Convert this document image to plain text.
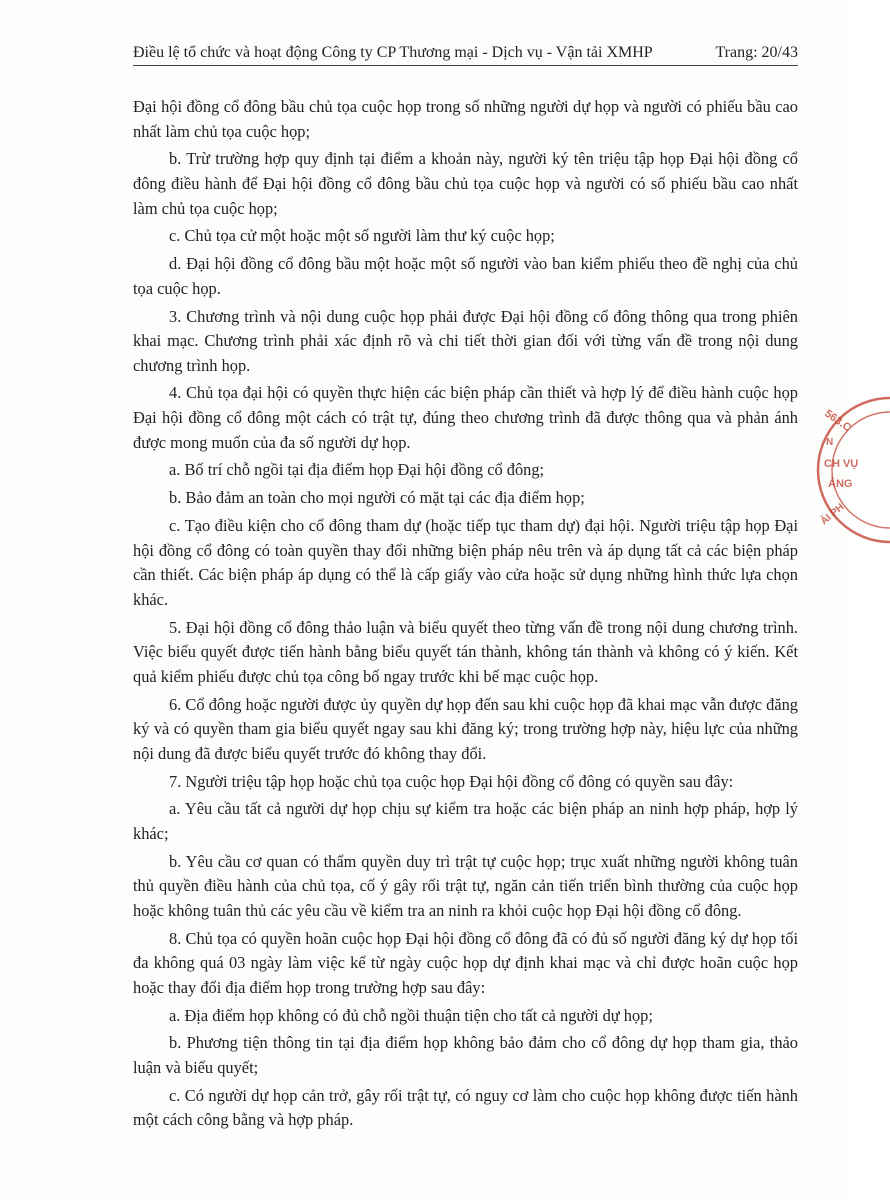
Điều lệ tổ chức và hoạt động Công ty CP Thương mại - Dịch vụ - Vận tải XMHP	Trang: 20/43

Đại hội đồng cổ đông bầu chủ tọa cuộc họp trong số những người dự họp và người có phiếu bầu cao nhất làm chủ tọa cuộc họp;

b. Trừ trường hợp quy định tại điểm a khoản này, người ký tên triệu tập họp Đại hội đồng cổ đông điều hành để Đại hội đồng cổ đông bầu chủ tọa cuộc họp và người có số phiếu bầu cao nhất làm chủ tọa cuộc họp;

c. Chủ tọa cử một hoặc một số người làm thư ký cuộc họp;

d. Đại hội đồng cổ đông bầu một hoặc một số người vào ban kiểm phiếu theo đề nghị của chủ tọa cuộc họp.

3. Chương trình và nội dung cuộc họp phải được Đại hội đồng cổ đông thông qua trong phiên khai mạc. Chương trình phải xác định rõ và chi tiết thời gian đối với từng vấn đề trong nội dung chương trình họp.

4. Chủ tọa đại hội có quyền thực hiện các biện pháp cần thiết và hợp lý để điều hành cuộc họp Đại hội đồng cổ đông một cách có trật tự, đúng theo chương trình đã được thông qua và phản ánh được mong muốn của đa số người dự họp.

a. Bố trí chỗ ngồi tại địa điểm họp Đại hội đồng cổ đông;

b. Bảo đảm an toàn cho mọi người có mặt tại các địa điểm họp;

c. Tạo điều kiện cho cổ đông tham dự (hoặc tiếp tục tham dự) đại hội. Người triệu tập họp Đại hội đồng cổ đông có toàn quyền thay đổi những biện pháp nêu trên và áp dụng tất cả các biện pháp cần thiết. Các biện pháp áp dụng có thể là cấp giấy vào cửa hoặc sử dụng những hình thức lựa chọn khác.

5. Đại hội đồng cổ đông thảo luận và biểu quyết theo từng vấn đề trong nội dung chương trình. Việc biểu quyết được tiến hành bằng biểu quyết tán thành, không tán thành và không có ý kiến. Kết quả kiểm phiếu được chủ tọa công bố ngay trước khi bế mạc cuộc họp.

6. Cổ đông hoặc người được ủy quyền dự họp đến sau khi cuộc họp đã khai mạc vẫn được đăng ký và có quyền tham gia biểu quyết ngay sau khi đăng ký; trong trường hợp này, hiệu lực của những nội dung đã được biểu quyết trước đó không thay đổi.

7. Người triệu tập họp hoặc chủ tọa cuộc họp Đại hội đồng cổ đông có quyền sau đây:

a. Yêu cầu tất cả người dự họp chịu sự kiểm tra hoặc các biện pháp an ninh hợp pháp, hợp lý khác;

b. Yêu cầu cơ quan có thẩm quyền duy trì trật tự cuộc họp; trục xuất những người không tuân thủ quyền điều hành của chủ tọa, cố ý gây rối trật tự, ngăn cản tiến triển bình thường của cuộc họp hoặc không tuân thủ các yêu cầu về kiểm tra an ninh ra khỏi cuộc họp Đại hội đồng cổ đông.

8. Chủ tọa có quyền hoãn cuộc họp Đại hội đồng cổ đông đã có đủ số người đăng ký dự họp tối đa không quá 03 ngày làm việc kể từ ngày cuộc họp dự định khai mạc và chỉ được hoãn cuộc họp hoặc thay đổi địa điểm họp trong trường hợp sau đây:

a. Địa điểm họp không có đủ chỗ ngồi thuận tiện cho tất cả người dự họp;

b. Phương tiện thông tin tại địa điểm họp không bảo đảm cho cổ đông dự họp tham gia, thảo luận và biểu quyết;

c. Có người dự họp cản trở, gây rối trật tự, có nguy cơ làm cho cuộc họp không được tiến hành một cách công bằng và hợp pháp.

563.C
N
CH VỤ
ẢNG
ẢI PH
